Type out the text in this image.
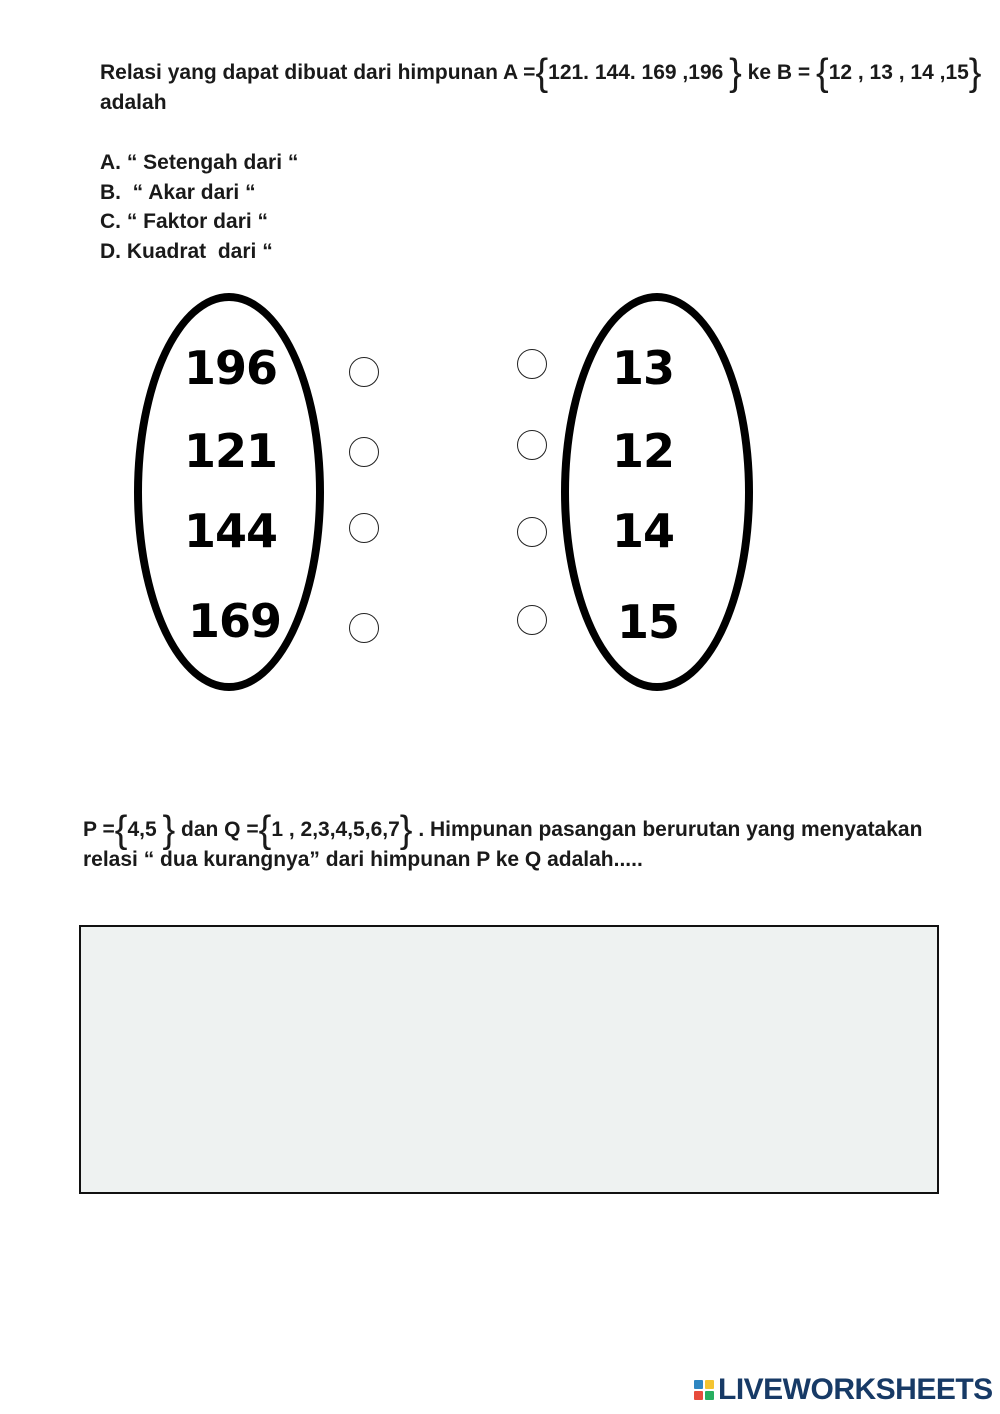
Relasi yang dapat dibuat dari himpunan A ={121. 144. 169 ,196 } ke B = {12 , 13 , 14 ,15} adalah

A. “ Setengah dari “
B.  “ Akar dari “
C. “ Faktor dari “
D. Kuadrat  dari “
196
121
144
169
13
12
14
15

P ={4,5 } dan Q ={1 , 2,3,4,5,6,7} . Himpunan pasangan berurutan yang menyatakan relasi “ dua kurangnya” dari himpunan P ke Q adalah.....

LIVEWORKSHEETS
